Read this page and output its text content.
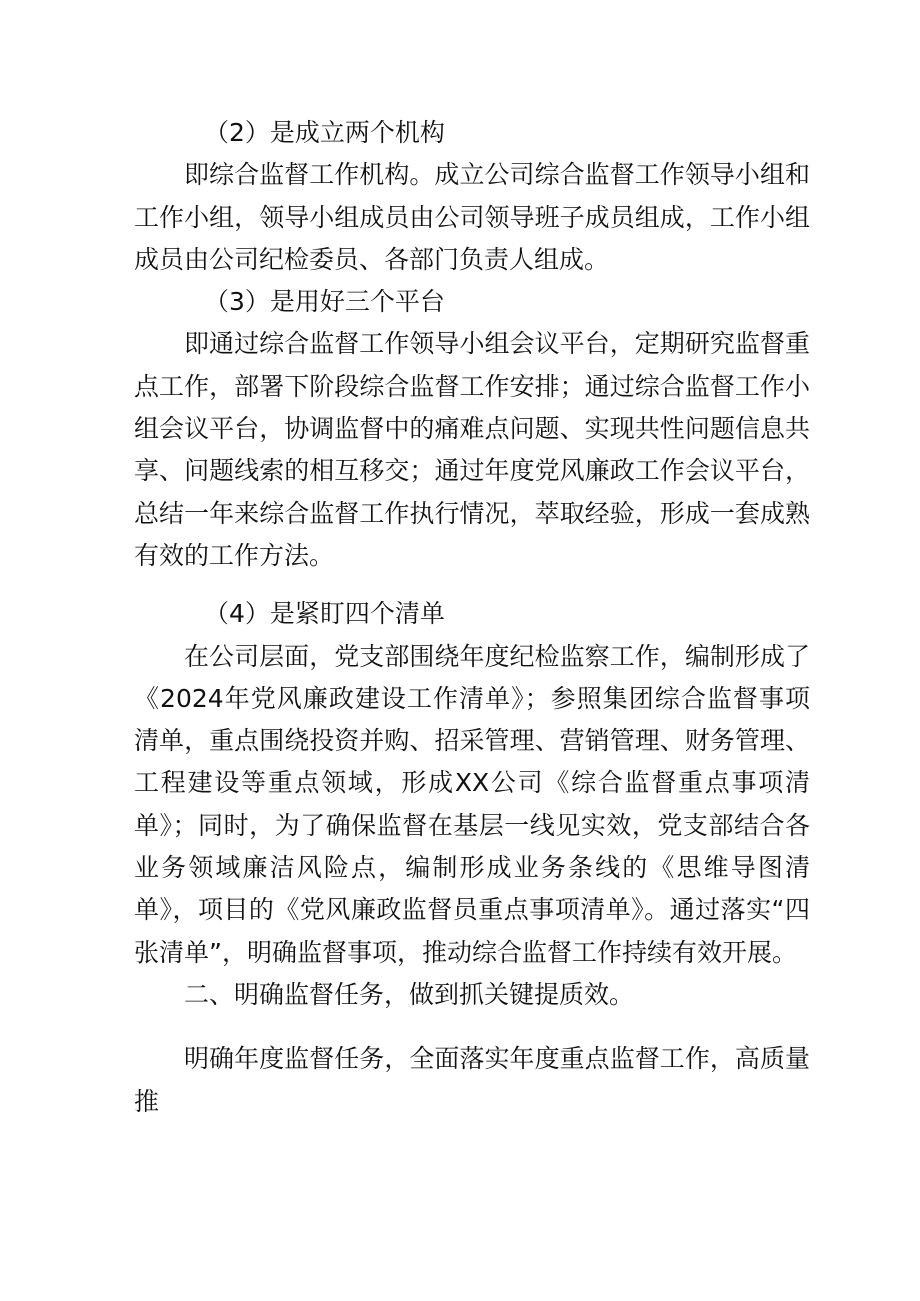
（2）是成立两个机构

即综合监督工作机构。成立公司综合监督工作领导小组和工作小组，领导小组成员由公司领导班子成员组成，工作小组成员由公司纪检委员、各部门负责人组成。

（3）是用好三个平台

即通过综合监督工作领导小组会议平台，定期研究监督重点工作，部署下阶段综合监督工作安排；通过综合监督工作小组会议平台，协调监督中的痛难点问题、实现共性问题信息共享、问题线索的相互移交；通过年度党风廉政工作会议平台，总结一年来综合监督工作执行情况，萃取经验，形成一套成熟有效的工作方法。

（4）是紧盯四个清单

在公司层面，党支部围绕年度纪检监察工作，编制形成了《2024年党风廉政建设工作清单》；参照集团综合监督事项清单，重点围绕投资并购、招采管理、营销管理、财务管理、工程建设等重点领域，形成XX公司《综合监督重点事项清单》；同时，为了确保监督在基层一线见实效，党支部结合各业务领域廉洁风险点，编制形成业务条线的《思维导图清单》，项目的《党风廉政监督员重点事项清单》。通过落实“四张清单”，明确监督事项，推动综合监督工作持续有效开展。

二、明确监督任务，做到抓关键提质效。

明确年度监督任务，全面落实年度重点监督工作，高质量推
